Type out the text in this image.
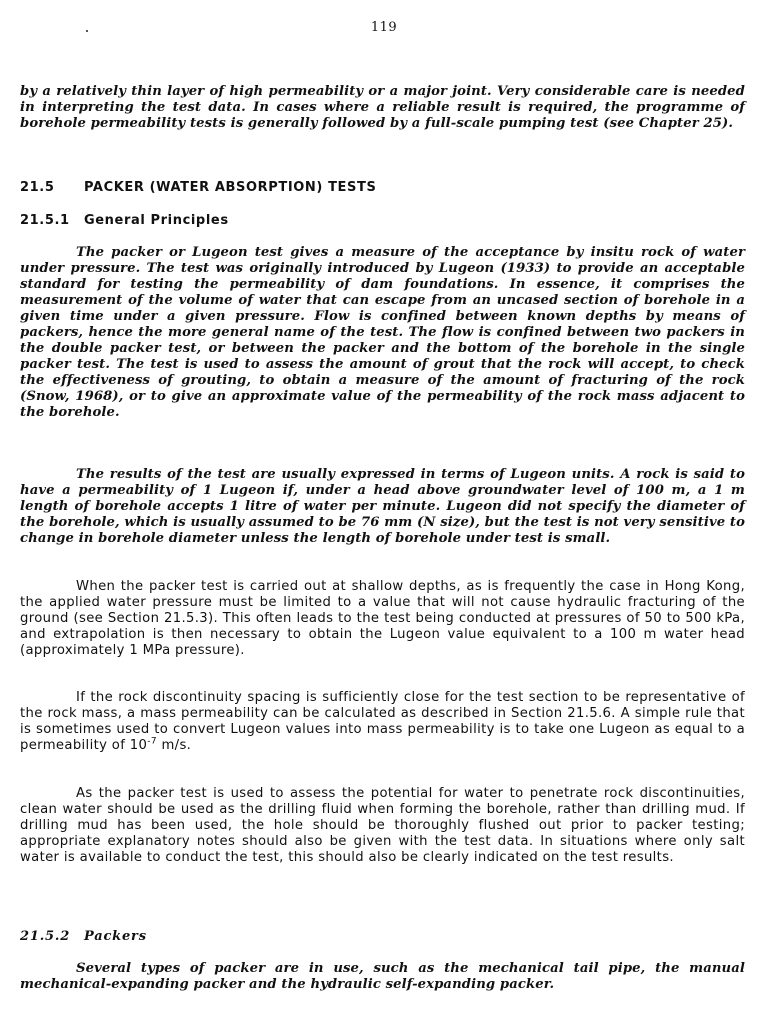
119

by a relatively thin layer of high permeability or a major joint. Very considerable care is needed in interpreting the test data. In cases where a reliable result is required, the programme of borehole permeability tests is generally followed by a full-scale pumping test (see Chapter 25).

21.5 PACKER (WATER ABSORPTION) TESTS
21.5.1 General Principles

The packer or Lugeon test gives a measure of the acceptance by insitu rock of water under pressure. The test was originally introduced by Lugeon (1933) to provide an acceptable standard for testing the permeability of dam foundations. In essence, it comprises the measurement of the volume of water that can escape from an uncased section of borehole in a given time under a given pressure. Flow is confined between known depths by means of packers, hence the more general name of the test. The flow is confined between two packers in the double packer test, or between the packer and the bottom of the borehole in the single packer test. The test is used to assess the amount of grout that the rock will accept, to check the effectiveness of grouting, to obtain a measure of the amount of fracturing of the rock (Snow, 1968), or to give an approximate value of the permeability of the rock mass adjacent to the borehole.

The results of the test are usually expressed in terms of Lugeon units. A rock is said to have a permeability of 1 Lugeon if, under a head above groundwater level of 100 m, a 1 m length of borehole accepts 1 litre of water per minute. Lugeon did not specify the diameter of the borehole, which is usually assumed to be 76 mm (N size), but the test is not very sensitive to change in borehole diameter unless the length of borehole under test is small.

When the packer test is carried out at shallow depths, as is frequently the case in Hong Kong, the applied water pressure must be limited to a value that will not cause hydraulic fracturing of the ground (see Section 21.5.3). This often leads to the test being conducted at pressures of 50 to 500 kPa, and extrapolation is then necessary to obtain the Lugeon value equivalent to a 100 m water head (approximately 1 MPa pressure).

If the rock discontinuity spacing is sufficiently close for the test section to be representative of the rock mass, a mass permeability can be calculated as described in Section 21.5.6. A simple rule that is sometimes used to convert Lugeon values into mass permeability is to take one Lugeon as equal to a permeability of $10^{-7}$ m/s.

As the packer test is used to assess the potential for water to penetrate rock discontinuities, clean water should be used as the drilling fluid when forming the borehole, rather than drilling mud. If drilling mud has been used, the hole should be thoroughly flushed out prior to packer testing; appropriate explanatory notes should also be given with the test data. In situations where only salt water is available to conduct the test, this should also be clearly indicated on the test results.

21.5.2 Packers

Several types of packer are in use, such as the mechanical tail pipe, the manual mechanical-expanding packer and the hydraulic self-expanding packer.
